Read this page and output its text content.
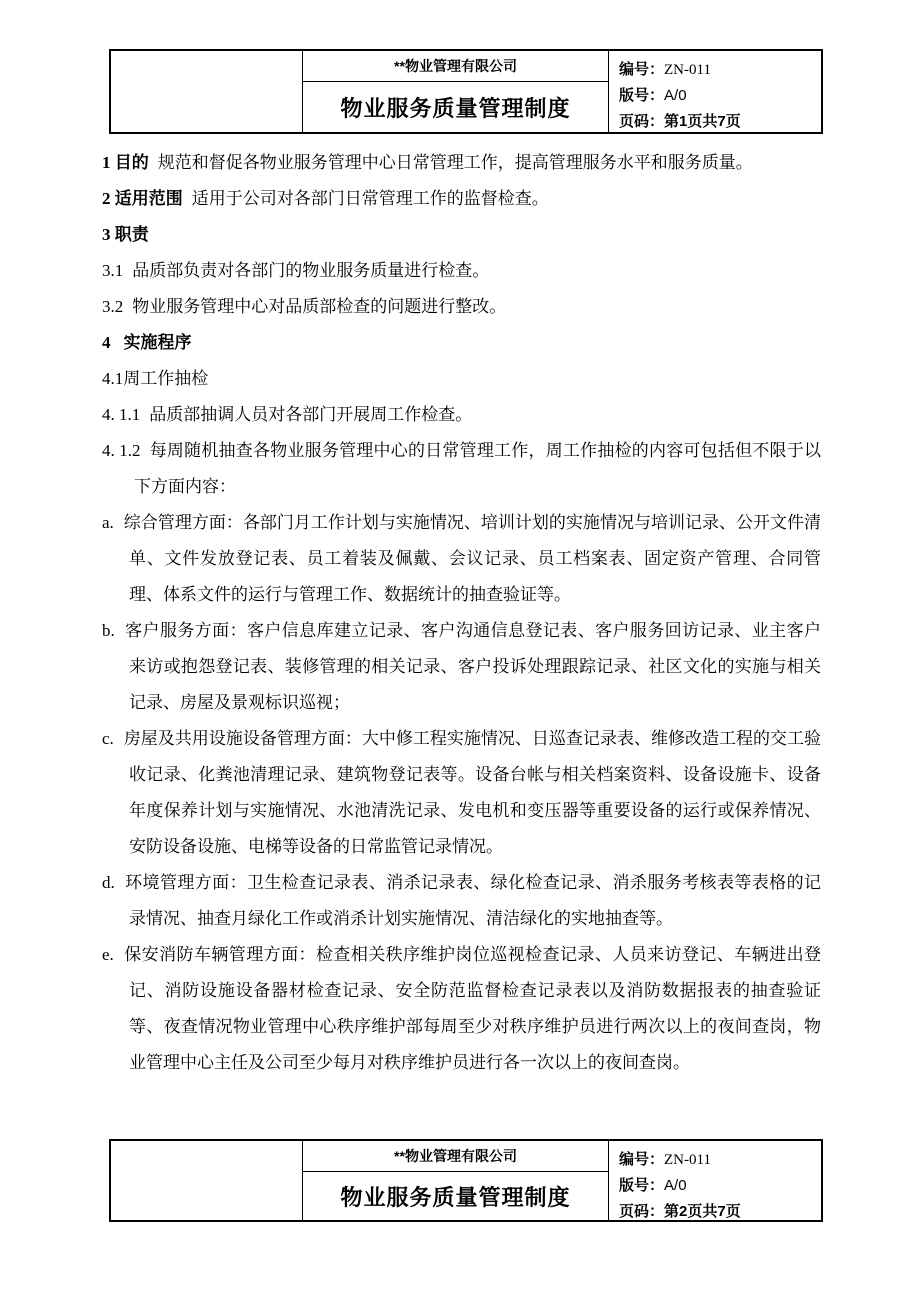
**物业管理有限公司
物业服务质量管理制度
编号：ZN-011
版号：A/0
页码：第1页共7页

1 目的 规范和督促各物业服务管理中心日常管理工作，提高管理服务水平和服务质量。

2 适用范围 适用于公司对各部门日常管理工作的监督检查。

3 职责

3.1 品质部负责对各部门的物业服务质量进行检查。

3.2 物业服务管理中心对品质部检查的问题进行整改。

4 实施程序

4.1周工作抽检

4. 1.1 品质部抽调人员对各部门开展周工作检查。

4. 1.2 每周随机抽查各物业服务管理中心的日常管理工作，周工作抽检的内容可包括但不限于以下方面内容：

a. 综合管理方面：各部门月工作计划与实施情况、培训计划的实施情况与培训记录、公开文件清单、文件发放登记表、员工着装及佩戴、会议记录、员工档案表、固定资产管理、合同管理、体系文件的运行与管理工作、数据统计的抽查验证等。

b. 客户服务方面：客户信息库建立记录、客户沟通信息登记表、客户服务回访记录、业主客户来访或抱怨登记表、装修管理的相关记录、客户投诉处理跟踪记录、社区文化的实施与相关记录、房屋及景观标识巡视；

c. 房屋及共用设施设备管理方面：大中修工程实施情况、日巡查记录表、维修改造工程的交工验收记录、化粪池清理记录、建筑物登记表等。设备台帐与相关档案资料、设备设施卡、设备年度保养计划与实施情况、水池清洗记录、发电机和变压器等重要设备的运行或保养情况、安防设备设施、电梯等设备的日常监管记录情况。

d. 环境管理方面：卫生检查记录表、消杀记录表、绿化检查记录、消杀服务考核表等表格的记录情况、抽查月绿化工作或消杀计划实施情况、清洁绿化的实地抽查等。

e. 保安消防车辆管理方面：检查相关秩序维护岗位巡视检查记录、人员来访登记、车辆进出登记、消防设施设备器材检查记录、安全防范监督检查记录表以及消防数据报表的抽查验证等、夜查情况物业管理中心秩序维护部每周至少对秩序维护员进行两次以上的夜间查岗，物业管理中心主任及公司至少每月对秩序维护员进行各一次以上的夜间查岗。

**物业管理有限公司
物业服务质量管理制度
编号：ZN-011
版号：A/0
页码：第2页共7页
